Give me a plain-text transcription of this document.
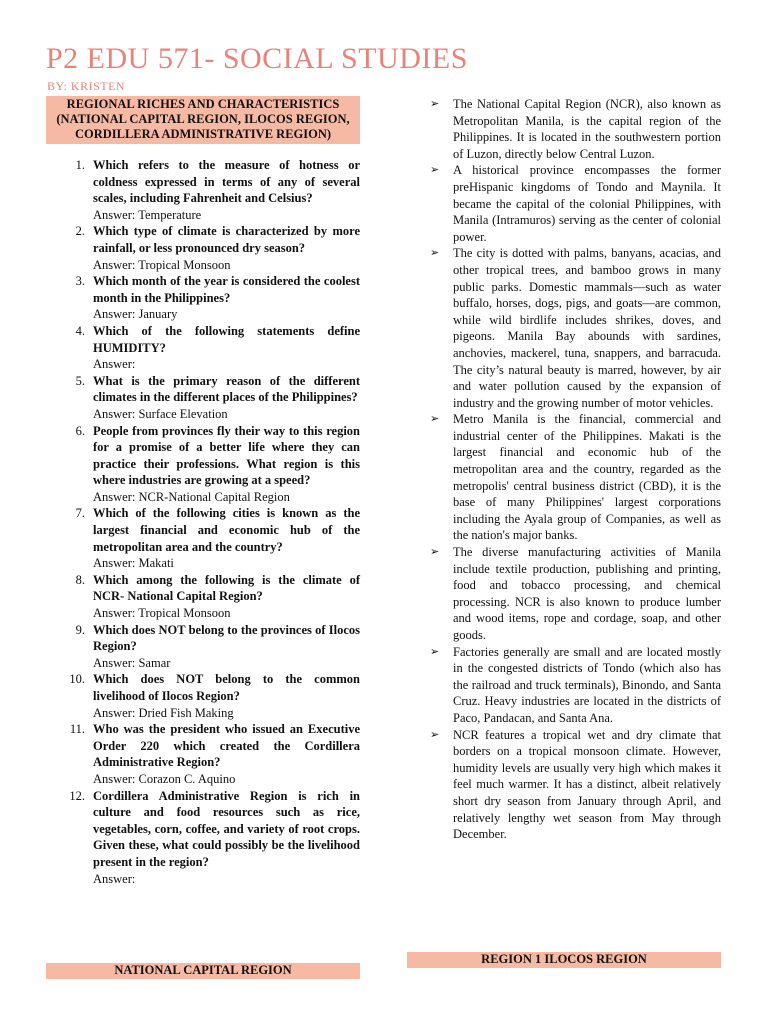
P2 EDU 571- SOCIAL STUDIES
BY: KRISTEN
REGIONAL RICHES AND CHARACTERISTICS (NATIONAL CAPITAL REGION, ILOCOS REGION, CORDILLERA ADMINISTRATIVE REGION)
1. Which refers to the measure of hotness or coldness expressed in terms of any of several scales, including Fahrenheit and Celsius?
Answer: Temperature
2. Which type of climate is characterized by more rainfall, or less pronounced dry season?
Answer: Tropical Monsoon
3. Which month of the year is considered the coolest month in the Philippines?
Answer: January
4. Which of the following statements define HUMIDITY?
Answer:
5. What is the primary reason of the different climates in the different places of the Philippines?
Answer: Surface Elevation
6. People from provinces fly their way to this region for a promise of a better life where they can practice their professions. What region is this where industries are growing at a speed?
Answer: NCR-National Capital Region
7. Which of the following cities is known as the largest financial and economic hub of the metropolitan area and the country?
Answer: Makati
8. Which among the following is the climate of NCR- National Capital Region?
Answer: Tropical Monsoon
9. Which does NOT belong to the provinces of Ilocos Region?
Answer: Samar
10. Which does NOT belong to the common livelihood of Ilocos Region?
Answer: Dried Fish Making
11. Who was the president who issued an Executive Order 220 which created the Cordillera Administrative Region?
Answer: Corazon C. Aquino
12. Cordillera Administrative Region is rich in culture and food resources such as rice, vegetables, corn, coffee, and variety of root crops. Given these, what could possibly be the livelihood present in the region?
Answer:
NATIONAL CAPITAL REGION
➢ The National Capital Region (NCR), also known as Metropolitan Manila, is the capital region of the Philippines. It is located in the southwestern portion of Luzon, directly below Central Luzon.
➢ A historical province encompasses the former preHispanic kingdoms of Tondo and Maynila. It became the capital of the colonial Philippines, with Manila (Intramuros) serving as the center of colonial power.
➢ The city is dotted with palms, banyans, acacias, and other tropical trees, and bamboo grows in many public parks. Domestic mammals—such as water buffalo, horses, dogs, pigs, and goats—are common, while wild birdlife includes shrikes, doves, and pigeons. Manila Bay abounds with sardines, anchovies, mackerel, tuna, snappers, and barracuda. The city’s natural beauty is marred, however, by air and water pollution caused by the expansion of industry and the growing number of motor vehicles.
➢ Metro Manila is the financial, commercial and industrial center of the Philippines. Makati is the largest financial and economic hub of the metropolitan area and the country, regarded as the metropolis' central business district (CBD), it is the base of many Philippines' largest corporations including the Ayala group of Companies, as well as the nation's major banks.
➢ The diverse manufacturing activities of Manila include textile production, publishing and printing, food and tobacco processing, and chemical processing. NCR is also known to produce lumber and wood items, rope and cordage, soap, and other goods.
➢ Factories generally are small and are located mostly in the congested districts of Tondo (which also has the railroad and truck terminals), Binondo, and Santa Cruz. Heavy industries are located in the districts of Paco, Pandacan, and Santa Ana.
➢ NCR features a tropical wet and dry climate that borders on a tropical monsoon climate. However, humidity levels are usually very high which makes it feel much warmer. It has a distinct, albeit relatively short dry season from January through April, and relatively lengthy wet season from May through December.
REGION 1 ILOCOS REGION
